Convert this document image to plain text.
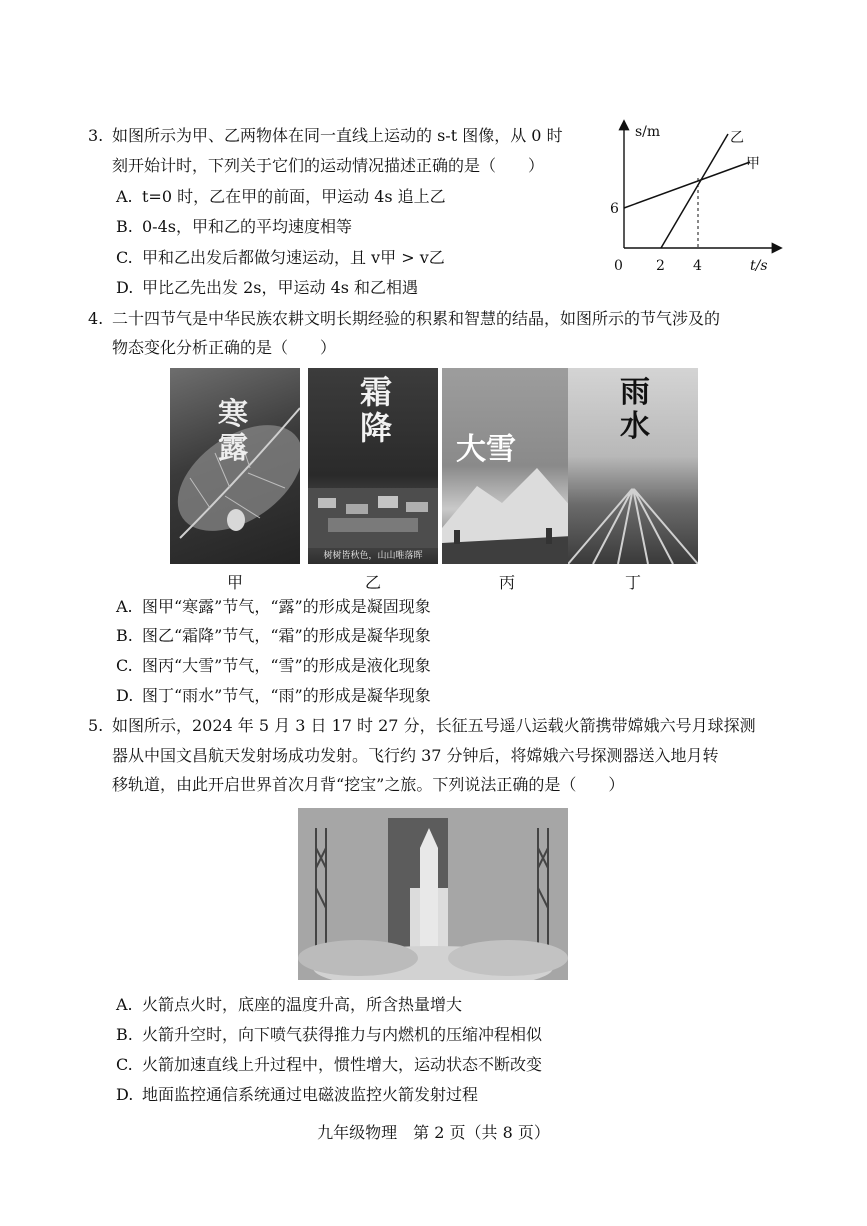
3. 如图所示为甲、乙两物体在同一直线上运动的 s-t 图像，从 0 时
刻开始计时，下列关于它们的运动情况描述正确的是（　　）
A. t=0 时，乙在甲的前面，甲运动 4s 追上乙
B. 0-4s，甲和乙的平均速度相等
C. 甲和乙出发后都做匀速运动，且 v甲 > v乙
D. 甲比乙先出发 2s，甲运动 4s 和乙相遇
s/m
t/s
0 2 4
6
乙
甲
4. 二十四节气是中华民族农耕文明长期经验的积累和智慧的结晶，如图所示的节气涉及的
物态变化分析正确的是（　　）
寒露
甲
霜降
树树皆秋色，山山唯落晖
乙
大雪
丙
雨水
丁
A. 图甲“寒露”节气，“露”的形成是凝固现象
B. 图乙“霜降”节气，“霜”的形成是凝华现象
C. 图丙“大雪”节气，“雪”的形成是液化现象
D. 图丁“雨水”节气，“雨”的形成是凝华现象
5. 如图所示，2024 年 5 月 3 日 17 时 27 分，长征五号遥八运载火箭携带嫦娥六号月球探测
器从中国文昌航天发射场成功发射。飞行约 37 分钟后，将嫦娥六号探测器送入地月转
移轨道，由此开启世界首次月背“挖宝”之旅。下列说法正确的是（　　）
A. 火箭点火时，底座的温度升高，所含热量增大
B. 火箭升空时，向下喷气获得推力与内燃机的压缩冲程相似
C. 火箭加速直线上升过程中，惯性增大，运动状态不断改变
D. 地面监控通信系统通过电磁波监控火箭发射过程
九年级物理　第 2 页（共 8 页）
